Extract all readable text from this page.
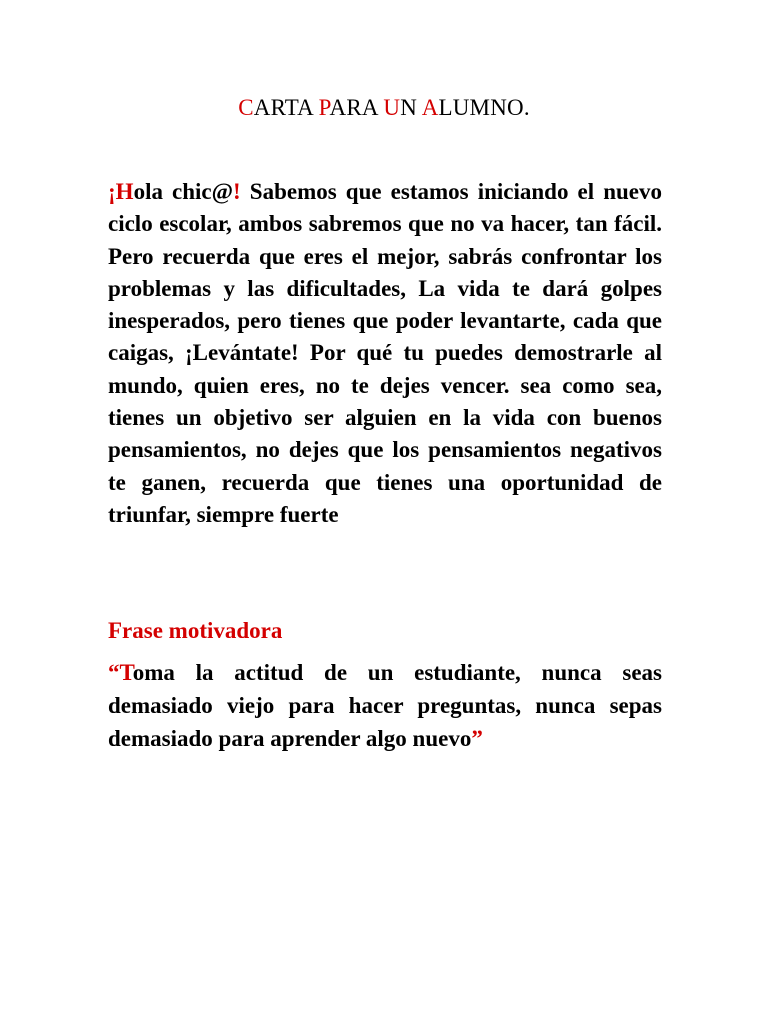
CARTA PARA UN ALUMNO.

¡Hola chic@! Sabemos que estamos iniciando el nuevo ciclo escolar, ambos sabremos que no va hacer, tan fácil. Pero recuerda que eres el mejor, sabrás confrontar los problemas y las dificultades, La vida te dará golpes inesperados, pero tienes que poder levantarte, cada que caigas, ¡Levántate! Por qué tu puedes demostrarle al mundo, quien eres, no te dejes vencer. sea como sea, tienes un objetivo ser alguien en la vida con buenos pensamientos, no dejes que los pensamientos negativos te ganen, recuerda que tienes una oportunidad de triunfar, siempre fuerte

Frase motivadora

“Toma la actitud de un estudiante, nunca seas demasiado viejo para hacer preguntas, nunca sepas demasiado para aprender algo nuevo”
